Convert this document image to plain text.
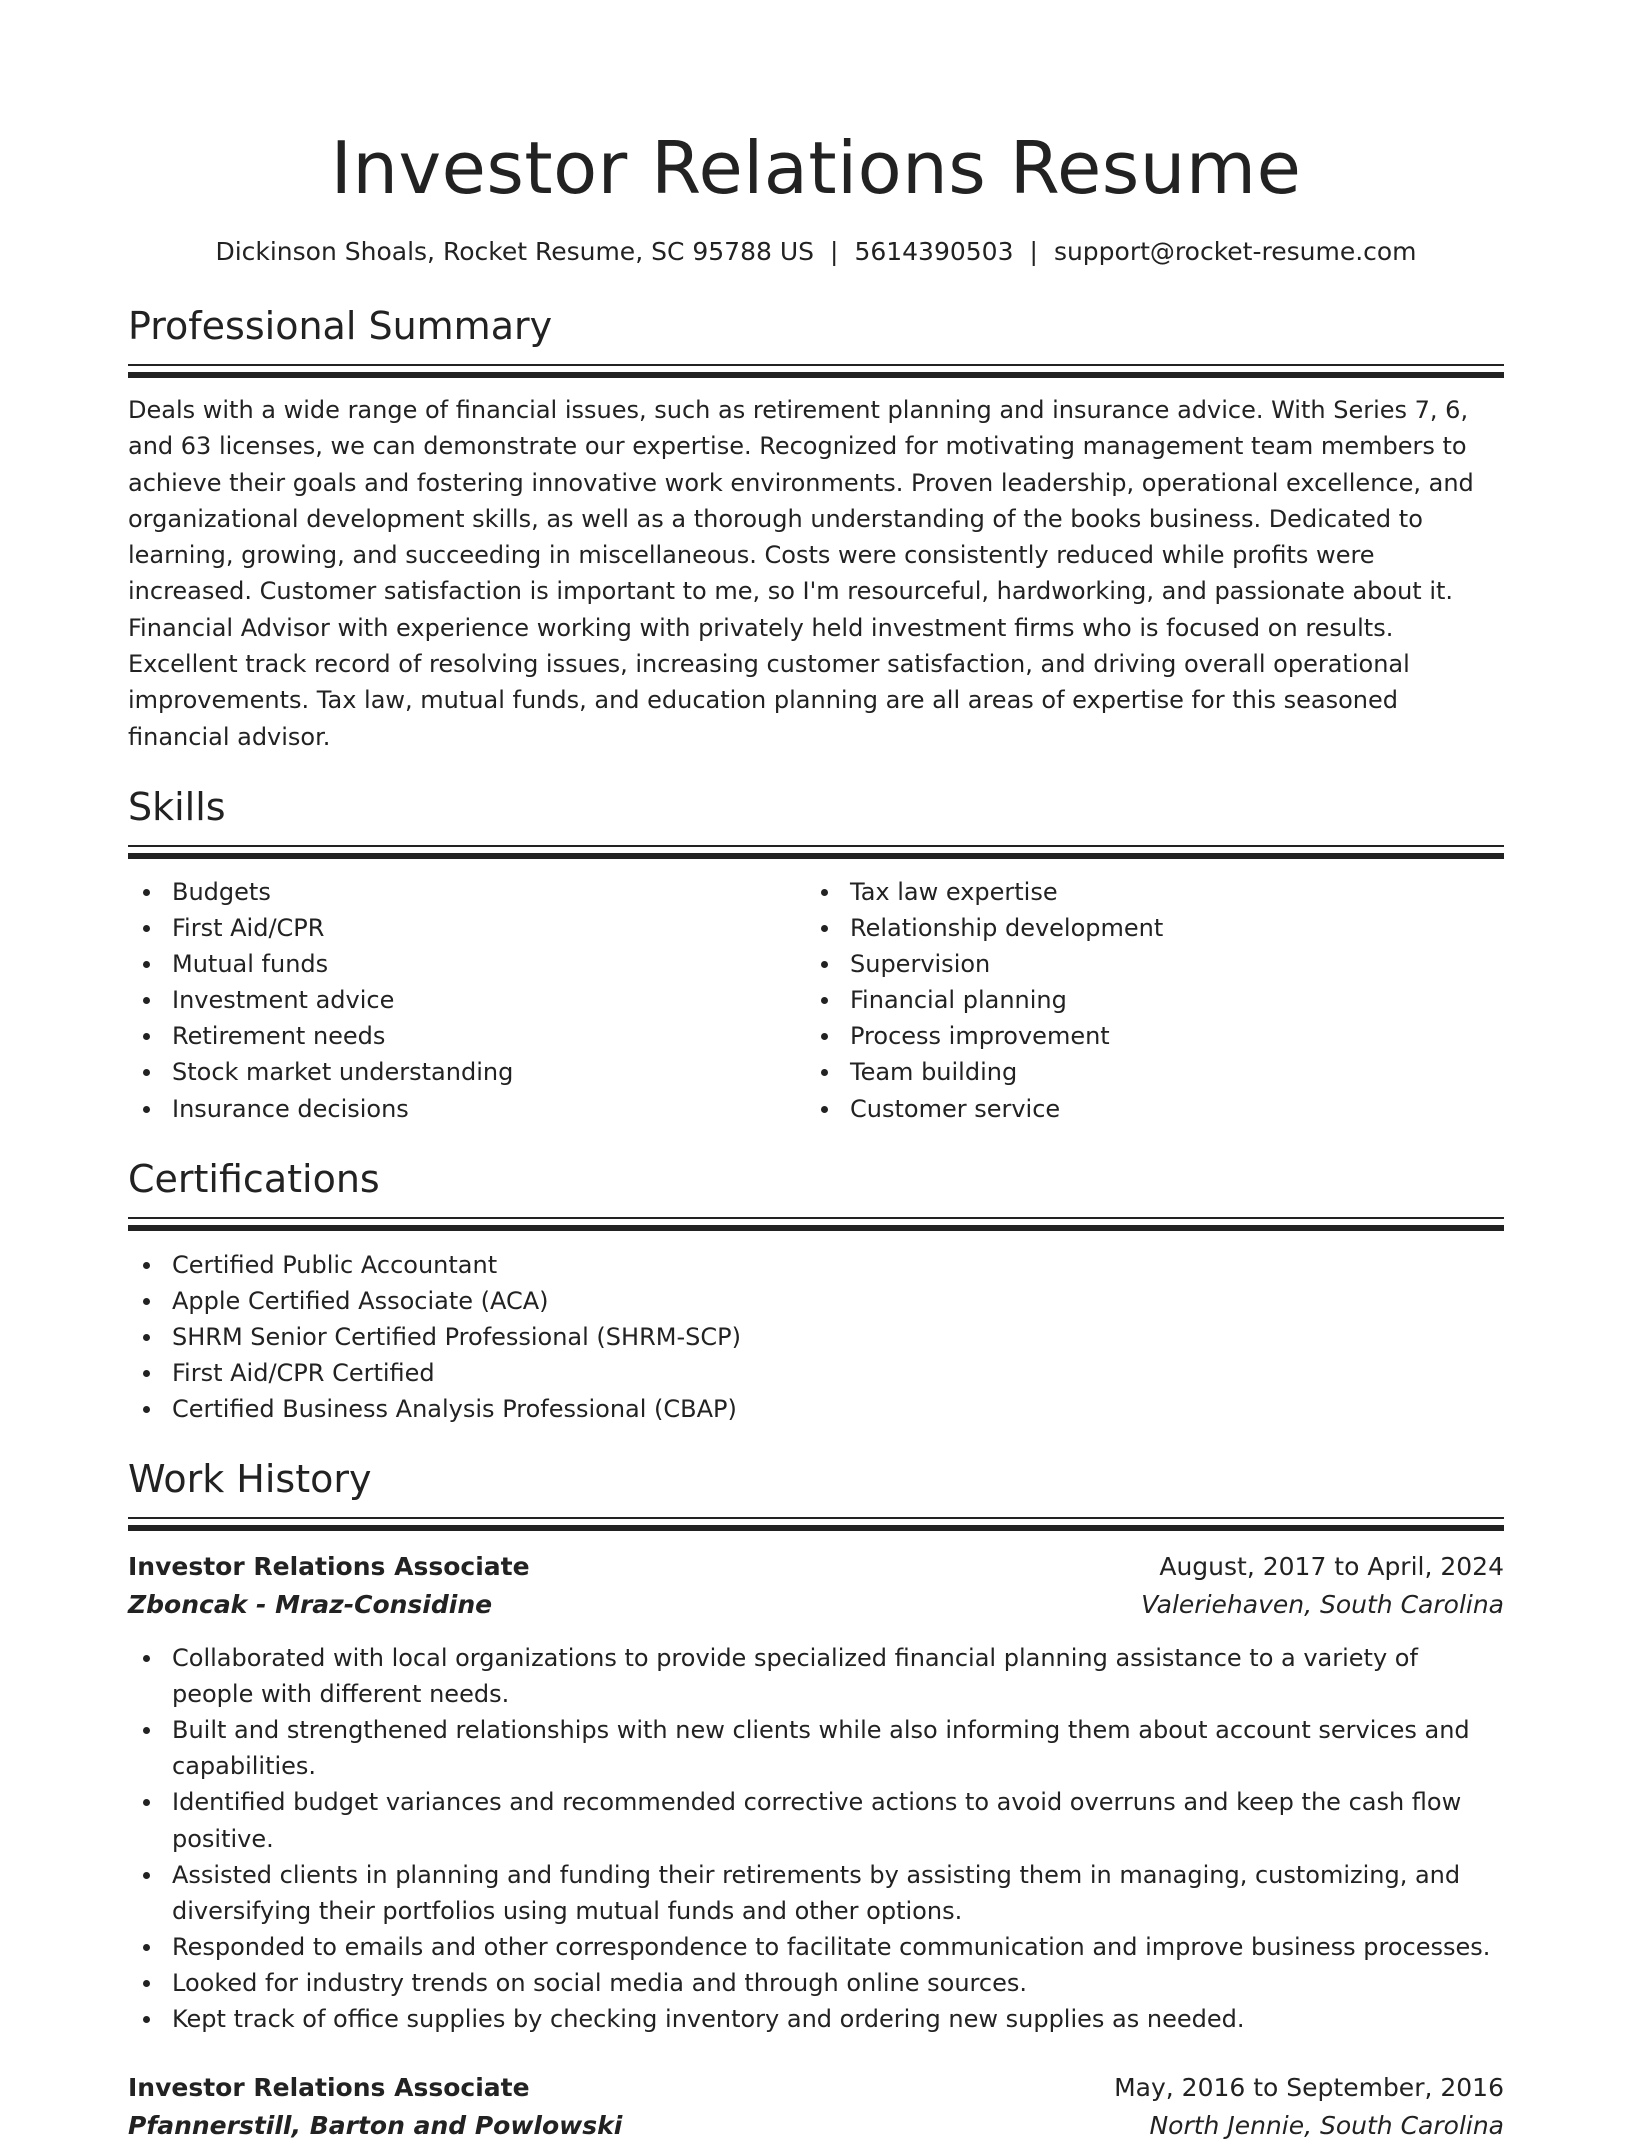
Investor Relations Resume
Dickinson Shoals, Rocket Resume, SC 95788 US | 5614390503 | support@rocket-resume.com
Professional Summary

Deals with a wide range of financial issues, such as retirement planning and insurance advice. With Series 7, 6, and 63 licenses, we can demonstrate our expertise. Recognized for motivating management team members to achieve their goals and fostering innovative work environments. Proven leadership, operational excellence, and organizational development skills, as well as a thorough understanding of the books business. Dedicated to learning, growing, and succeeding in miscellaneous. Costs were consistently reduced while profits were increased. Customer satisfaction is important to me, so I'm resourceful, hardworking, and passionate about it. Financial Advisor with experience working with privately held investment firms who is focused on results. Excellent track record of resolving issues, increasing customer satisfaction, and driving overall operational improvements. Tax law, mutual funds, and education planning are all areas of expertise for this seasoned financial advisor.

Skills
Budgets
First Aid/CPR
Mutual funds
Investment advice
Retirement needs
Stock market understanding
Insurance decisions
Tax law expertise
Relationship development
Supervision
Financial planning
Process improvement
Team building
Customer service
Certifications
Certified Public Accountant
Apple Certified Associate (ACA)
SHRM Senior Certified Professional (SHRM-SCP)
First Aid/CPR Certified
Certified Business Analysis Professional (CBAP)
Work History
Investor Relations Associate	August, 2017 to April, 2024
Zboncak - Mraz-Considine	Valeriehaven, South Carolina
Collaborated with local organizations to provide specialized financial planning assistance to a variety of people with different needs.
Built and strengthened relationships with new clients while also informing them about account services and capabilities.
Identified budget variances and recommended corrective actions to avoid overruns and keep the cash flow positive.
Assisted clients in planning and funding their retirements by assisting them in managing, customizing, and diversifying their portfolios using mutual funds and other options.
Responded to emails and other correspondence to facilitate communication and improve business processes.
Looked for industry trends on social media and through online sources.
Kept track of office supplies by checking inventory and ordering new supplies as needed.
Investor Relations Associate	May, 2016 to September, 2016
Pfannerstill, Barton and Powlowski	North Jennie, South Carolina
